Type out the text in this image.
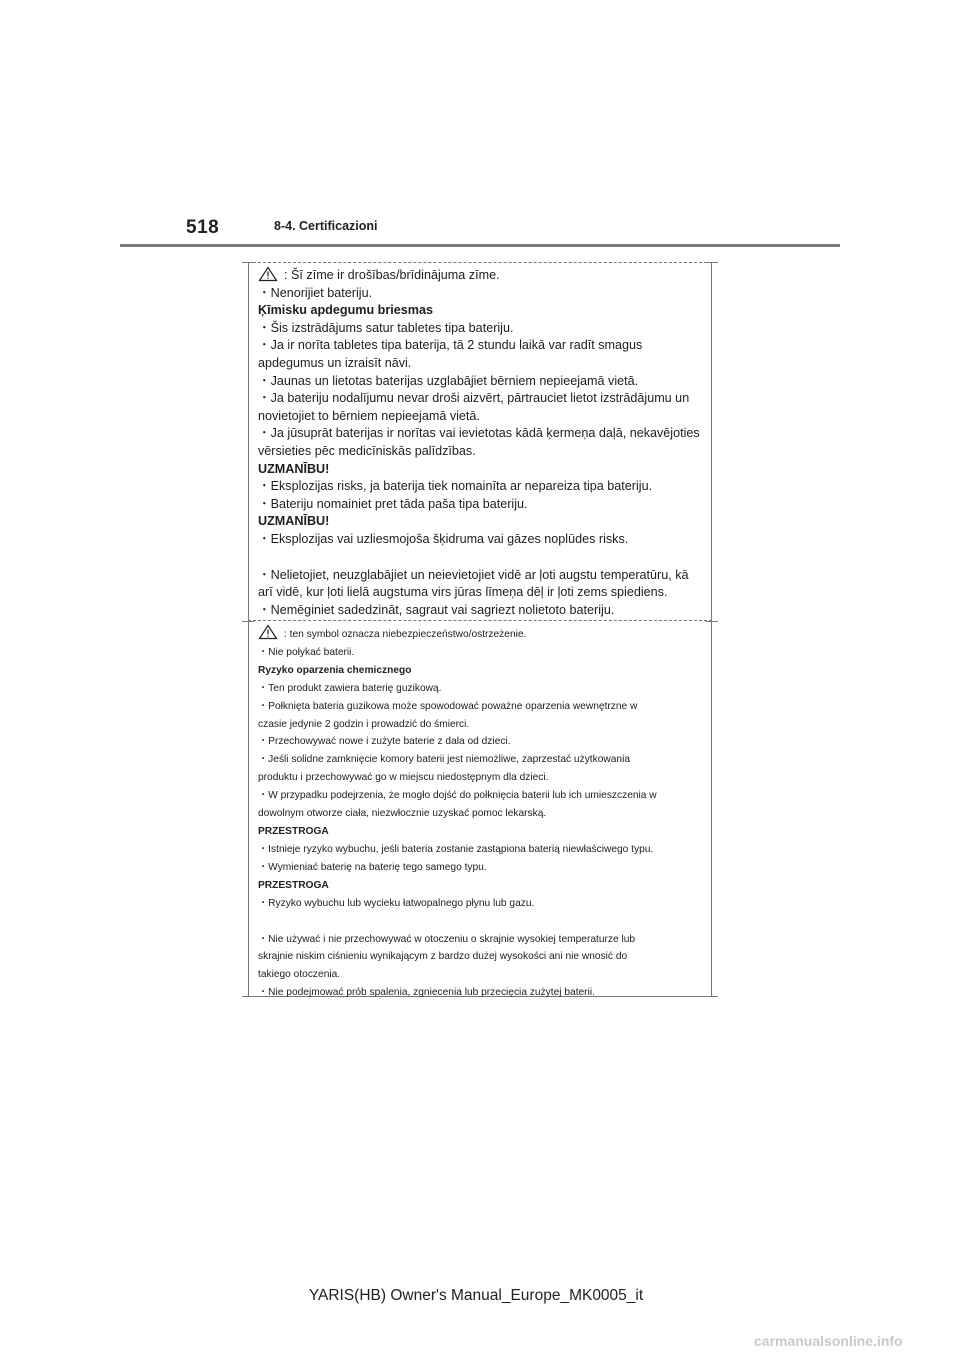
518	8-4. Certificazioni
: Šī zīme ir drošības/brīdinājuma zīme.
・Nenorijiet bateriju.
Ķīmisku apdegumu briesmas
・Šis izstrādājums satur tabletes tipa bateriju.
・Ja ir norīta tabletes tipa baterija, tā 2 stundu laikā var radīt smagus
apdegumus un izraisīt nāvi.
・Jaunas un lietotas baterijas uzglabājiet bērniem nepieejamā vietā.
・Ja bateriju nodalījumu nevar droši aizvērt, pārtrauciet lietot izstrādājumu un
novietojiet to bērniem nepieejamā vietā.
・Ja jūsuprāt baterijas ir norītas vai ievietotas kādā ķermeņa daļā, nekavējoties
vērsieties pēc medicīniskās palīdzības.
UZMANĪBU!
・Eksplozijas risks, ja baterija tiek nomainīta ar nepareiza tipa bateriju.
・Bateriju nomainiet pret tāda paša tipa bateriju.
UZMANĪBU!
・Eksplozijas vai uzliesmojoša šķidruma vai gāzes noplūdes risks.
・Nelietojiet, neuzglabājiet un neievietojiet vidē ar ļoti augstu temperatūru, kā
arī vidē, kur ļoti lielā augstuma virs jūras līmeņa dēļ ir ļoti zems spiediens.
・Nemēginiet sadedzināt, sagraut vai sagriezt nolietoto bateriju.
: ten symbol oznacza niebezpieczeństwo/ostrzeżenie.
・Nie połykać baterii.
Ryzyko oparzenia chemicznego
・Ten produkt zawiera baterię guzikową.
・Połknięta bateria guzikowa może spowodować poważne oparzenia wewnętrzne w
czasie jedynie 2 godzin i prowadzić do śmierci.
・Przechowywać nowe i zużyte baterie z dala od dzieci.
・Jeśli solidne zamknięcie komory baterii jest niemożliwe, zaprzestać użytkowania
produktu i przechowywać go w miejscu niedostępnym dla dzieci.
・W przypadku podejrzenia, że mogło dojść do połknięcia baterii lub ich umieszczenia w
dowolnym otworze ciała, niezwłocznie uzyskać pomoc lekarską.
PRZESTROGA
・Istnieje ryzyko wybuchu, jeśli bateria zostanie zastąpiona baterią niewłaściwego typu.
・Wymieniać baterię na baterię tego samego typu.
PRZESTROGA
・Ryzyko wybuchu lub wycieku łatwopalnego płynu lub gazu.
・Nie używać i nie przechowywać w otoczeniu o skrajnie wysokiej temperaturze lub
skrajnie niskim ciśnieniu wynikającym z bardzo dużej wysokości ani nie wnosić do
takiego otoczenia.
・Nie podejmować prób spalenia, zgniecenia lub przecięcia zużytej baterii.
YARIS(HB) Owner's Manual_Europe_MK0005_it
carmanualsonline.info
